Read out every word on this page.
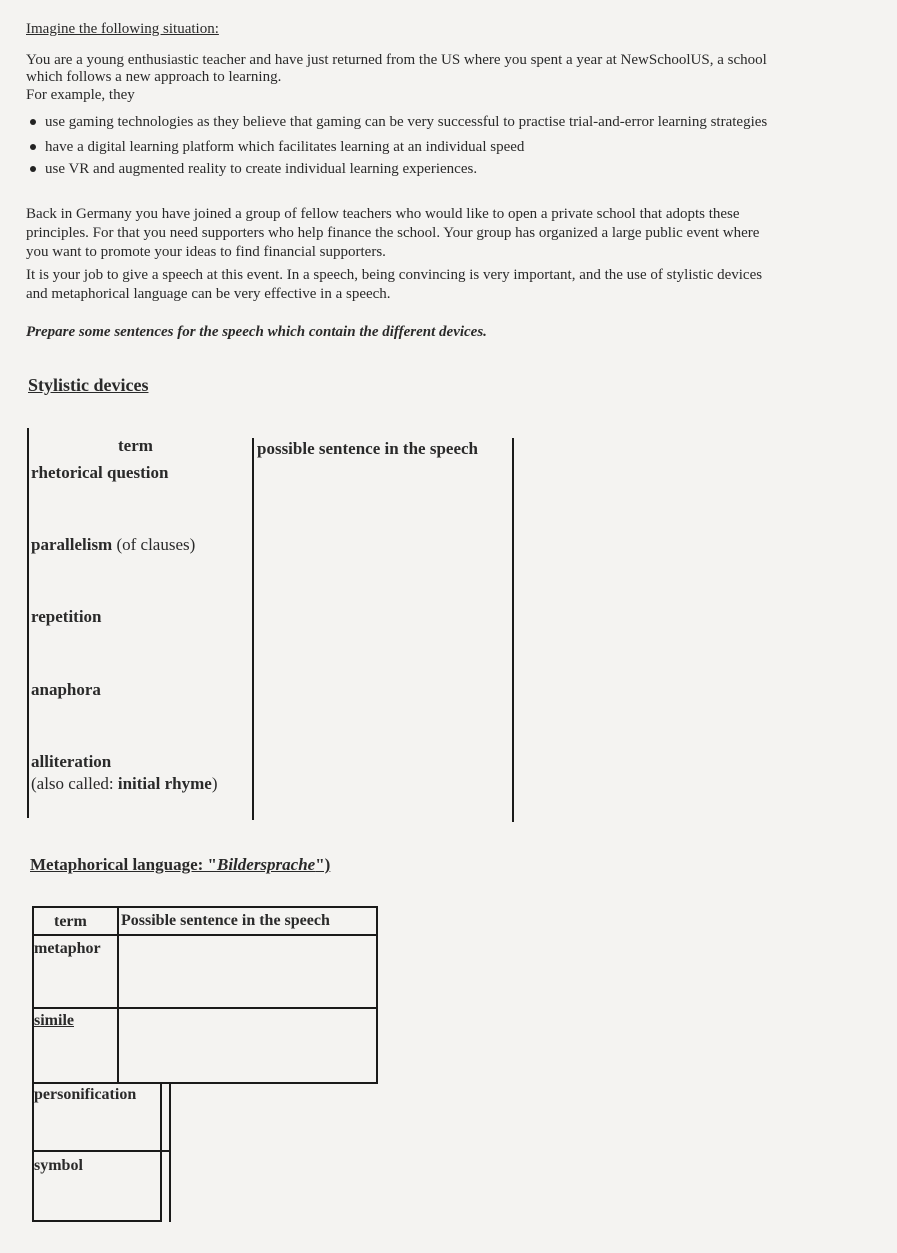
Imagine the following situation:
You are a young enthusiastic teacher and have just returned from the US where you spent a year at NewSchoolUS, a school
which follows a new approach to learning.
For example, they
use gaming technologies as they believe that gaming can be very successful to practise trial-and-error learning strategies
have a digital learning platform which facilitates learning at an individual speed
use VR and augmented reality to create individual learning experiences.
Back in Germany you have joined a group of fellow teachers who would like to open a private school that adopts these
principles. For that you need supporters who help finance the school. Your group has organized a large public event where
you want to promote your ideas to find financial supporters.
It is your job to give a speech at this event. In a speech, being convincing is very important, and the use of stylistic devices
and metaphorical language can be very effective in a speech.
Prepare some sentences for the speech which contain the different devices.
Stylistic devices
term	possible sentence in the speech
rhetorical question
parallelism (of clauses)
repetition
anaphora
alliteration
(also called: initial rhyme)
Metaphorical language: "Bildersprache")
term Possible sentence in the speech
metaphor
simile
personification
symbol
